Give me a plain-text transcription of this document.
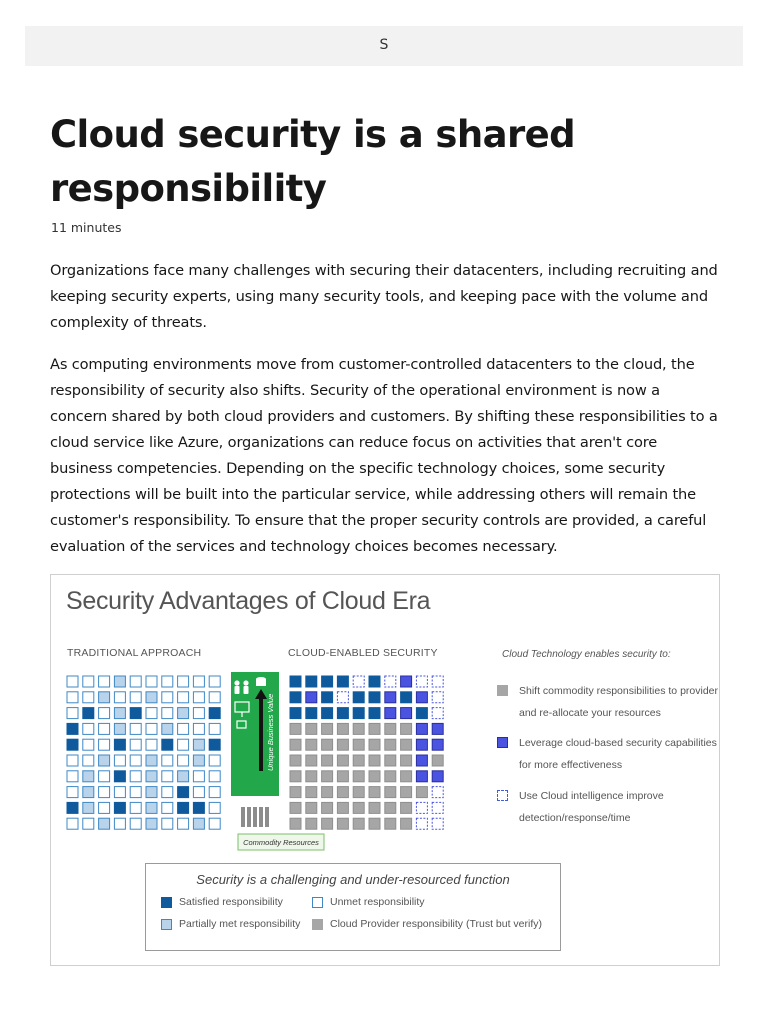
S
Cloud security is a shared responsibility
11 minutes

Organizations face many challenges with securing their datacenters, including recruiting and keeping security experts, using many security tools, and keeping pace with the volume and complexity of threats.

As computing environments move from customer-controlled datacenters to the cloud, the responsibility of security also shifts. Security of the operational environment is now a concern shared by both cloud providers and customers. By shifting these responsibilities to a cloud service like Azure, organizations can reduce focus on activities that aren't core business competencies. Depending on the specific technology choices, some security protections will be built into the particular service, while addressing others will remain the customer's responsibility. To ensure that the proper security controls are provided, a careful evaluation of the services and technology choices becomes necessary.

Security Advantages of Cloud Era
TRADITIONAL APPROACH	CLOUD-ENABLED SECURITY	Cloud Technology enables security to:
Unique Business Value
Commodity Resources
Shift commodity responsibilities to provider and re-allocate your resources
Leverage cloud-based security capabilities for more effectiveness
Use Cloud intelligence improve detection/response/time
Security is a challenging and under-resourced function
Satisfied responsibility	Unmet responsibility
Partially met responsibility	Cloud Provider responsibility (Trust but verify)
